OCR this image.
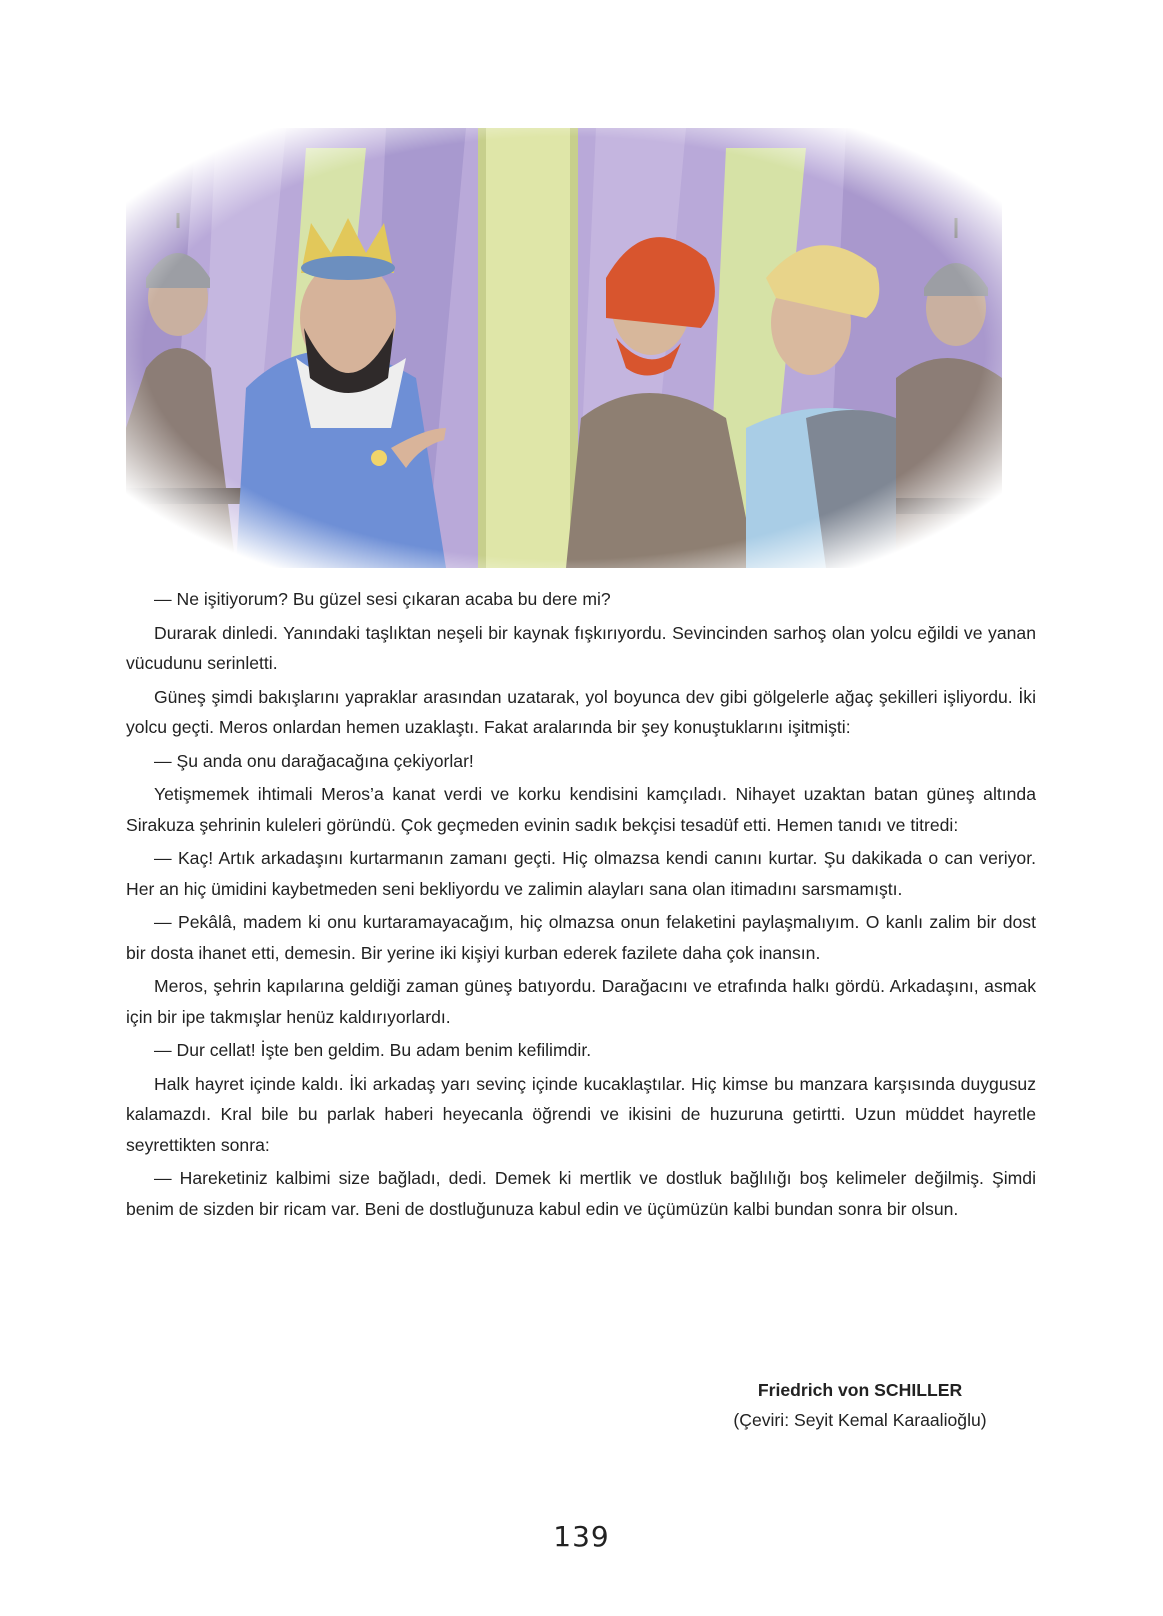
— Ne işitiyorum? Bu güzel sesi çıkaran acaba bu dere mi?

Durarak dinledi. Yanındaki taşlıktan neşeli bir kaynak fışkırıyordu. Sevincinden sarhoş olan yolcu eğildi ve yanan vücudunu serinletti.

Güneş şimdi bakışlarını yapraklar arasından uzatarak, yol boyunca dev gibi gölgelerle ağaç şekilleri işliyordu. İki yolcu geçti. Meros onlardan hemen uzaklaştı. Fakat aralarında bir şey konuştuklarını işitmişti:

— Şu anda onu darağacağına çekiyorlar!

Yetişmemek ihtimali Meros’a kanat verdi ve korku kendisini kamçıladı. Nihayet uzaktan batan güneş altında Sirakuza şehrinin kuleleri göründü. Çok geçmeden evinin sadık bekçisi tesadüf etti. Hemen tanıdı ve titredi:

— Kaç! Artık arkadaşını kurtarmanın zamanı geçti. Hiç olmazsa kendi canını kurtar. Şu dakikada o can veriyor. Her an hiç ümidini kaybetmeden seni bekliyordu ve zalimin alayları sana olan itimadını sarsmamıştı.

— Pekâlâ, madem ki onu kurtaramayacağım, hiç olmazsa onun felaketini paylaşmalıyım. O kanlı zalim bir dost bir dosta ihanet etti, demesin. Bir yerine iki kişiyi kurban ederek fazilete daha çok inansın.

Meros, şehrin kapılarına geldiği zaman güneş batıyordu. Darağacını ve etrafında halkı gördü. Arkadaşını, asmak için bir ipe takmışlar henüz kaldırıyorlardı.

— Dur cellat! İşte ben geldim. Bu adam benim kefilimdir.

Halk hayret içinde kaldı. İki arkadaş yarı sevinç içinde kucaklaştılar. Hiç kimse bu manzara karşısında duygusuz kalamazdı. Kral bile bu parlak haberi heyecanla öğrendi ve ikisini de huzuruna getirtti. Uzun müddet hayretle seyrettikten sonra:

— Hareketiniz kalbimi size bağladı, dedi. Demek ki mertlik ve dostluk bağlılığı boş kelimeler değilmiş. Şimdi benim de sizden bir ricam var. Beni de dostluğunuza kabul edin ve üçümüzün kalbi bundan sonra bir olsun.

Friedrich von SCHILLER
(Çeviri: Seyit Kemal Karaalioğlu)
139
